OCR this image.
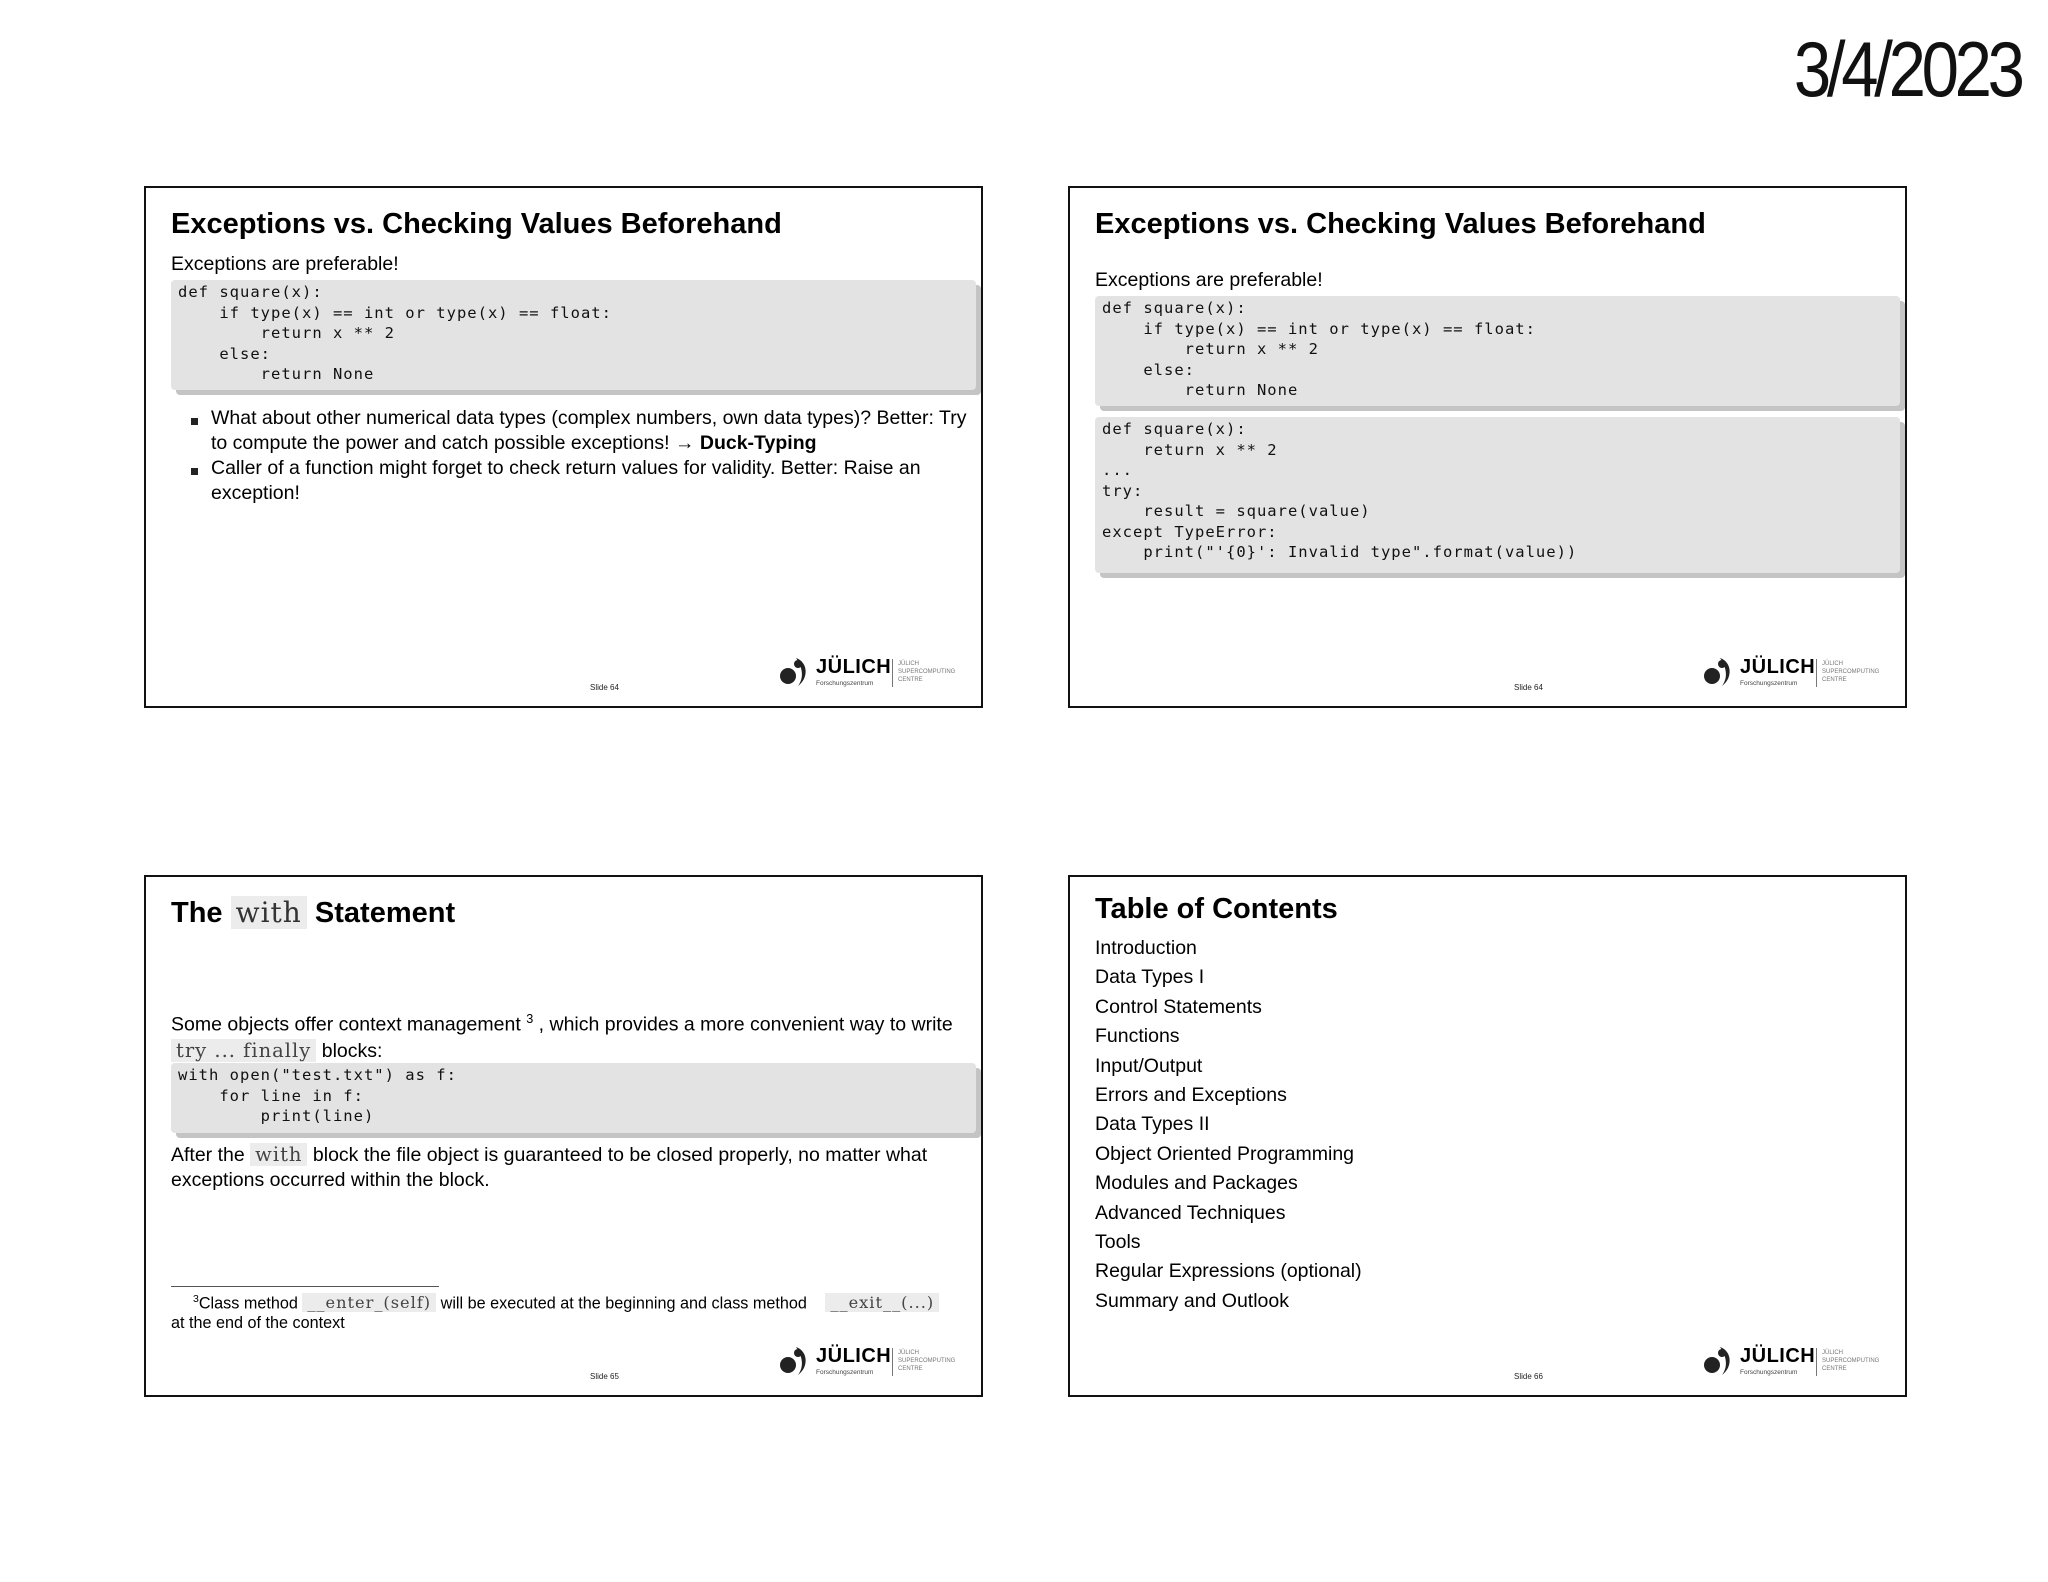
3/4/2023
Exceptions vs. Checking Values Beforehand
Exceptions are preferable!
def square(x):
if type(x) == int or type(x) == float:
return x ** 2
else:
return None
What about other numerical data types (complex numbers, own data types)? Better: Try to compute the power and catch possible exceptions! → Duck-Typing
Caller of a function might forget to check return values for validity. Better: Raise an exception!
Slide 64
JÜLICH
Forschungszentrum
JÜLICH
SUPERCOMPUTING
CENTRE
Exceptions vs. Checking Values Beforehand
Exceptions are preferable!
def square(x):
if type(x) == int or type(x) == float:
return x ** 2
else:
return None
def square(x):
return x ** 2
...
try:
result = square(value)
except TypeError:
print("'{0}': Invalid type".format(value))
Slide 64
JÜLICH
Forschungszentrum
JÜLICH
SUPERCOMPUTING
CENTRE
The with Statement
Some objects offer context management $^3$ , which provides a more convenient way to write try ... finally blocks:
with open("test.txt") as f:
for line in f:
print(line)
After the with block the file object is guaranteed to be closed properly, no matter what exceptions occurred within the block.
$^3$Class method __enter_(self) will be executed at the beginning and class method __exit__(...)
at the end of the context
Slide 65
JÜLICH
Forschungszentrum
JÜLICH
SUPERCOMPUTING
CENTRE
Table of Contents
Introduction
Data Types I
Control Statements
Functions
Input/Output
Errors and Exceptions
Data Types II
Object Oriented Programming
Modules and Packages
Advanced Techniques
Tools
Regular Expressions (optional)
Summary and Outlook
Slide 66
JÜLICH
Forschungszentrum
JÜLICH
SUPERCOMPUTING
CENTRE
